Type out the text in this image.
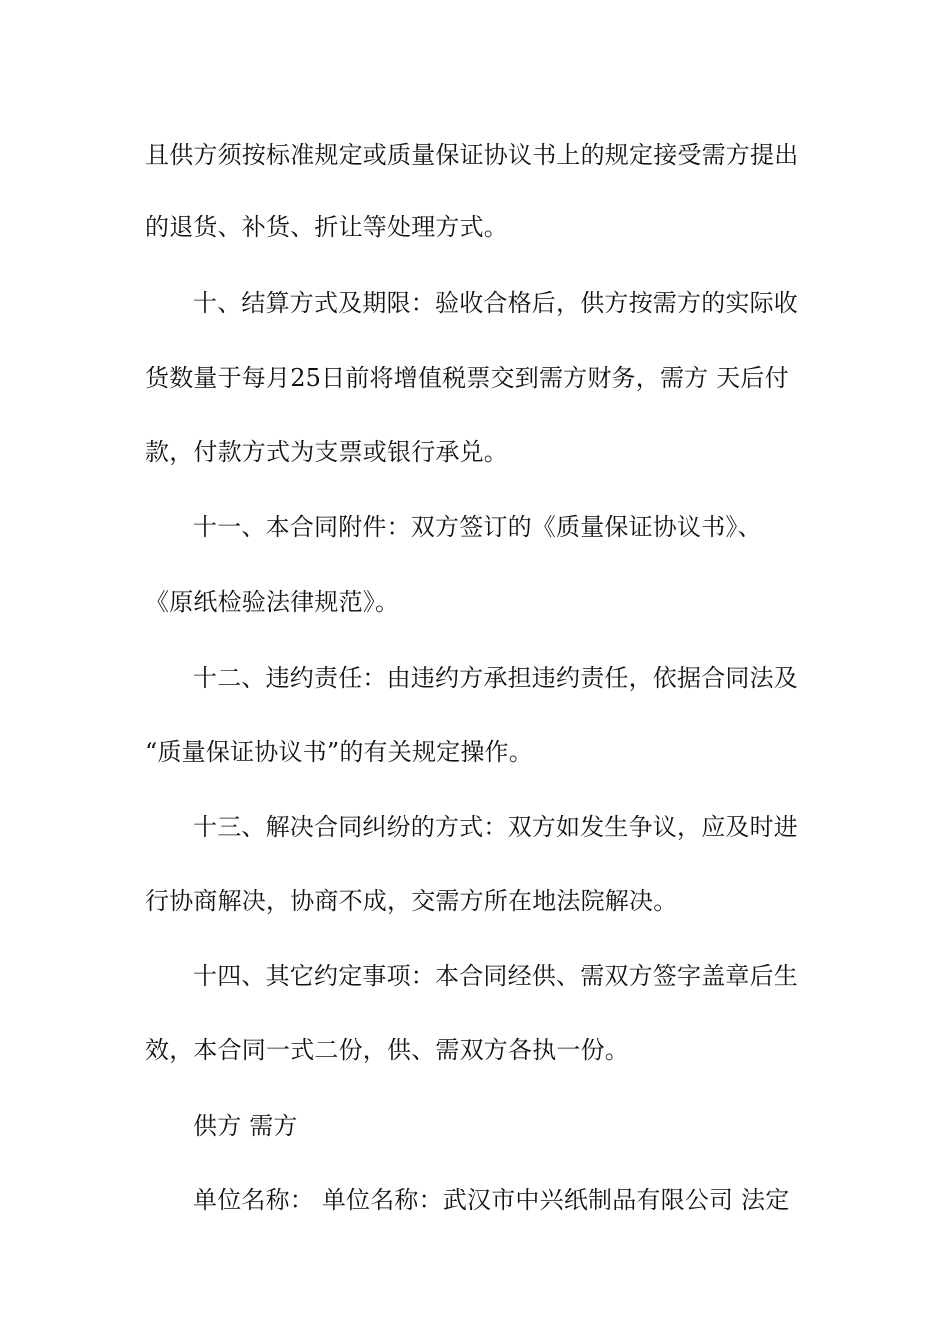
且供方须按标准规定或质量保证协议书上的规定接受需方提出
的退货、补货、折让等处理方式。
十、结算方式及期限：验收合格后，供方按需方的实际收
货数量于每月25日前将增值税票交到需方财务，需方 天后付
款，付款方式为支票或银行承兑。
十一、本合同附件：双方签订的《质量保证协议书》、
《原纸检验法律规范》。
十二、违约责任：由违约方承担违约责任，依据合同法及
“质量保证协议书”的有关规定操作。
十三、解决合同纠纷的方式：双方如发生争议，应及时进
行协商解决，协商不成，交需方所在地法院解决。
十四、其它约定事项：本合同经供、需双方签字盖章后生
效，本合同一式二份，供、需双方各执一份。
供方 需方
单位名称： 单位名称：武汉市中兴纸制品有限公司 法定
